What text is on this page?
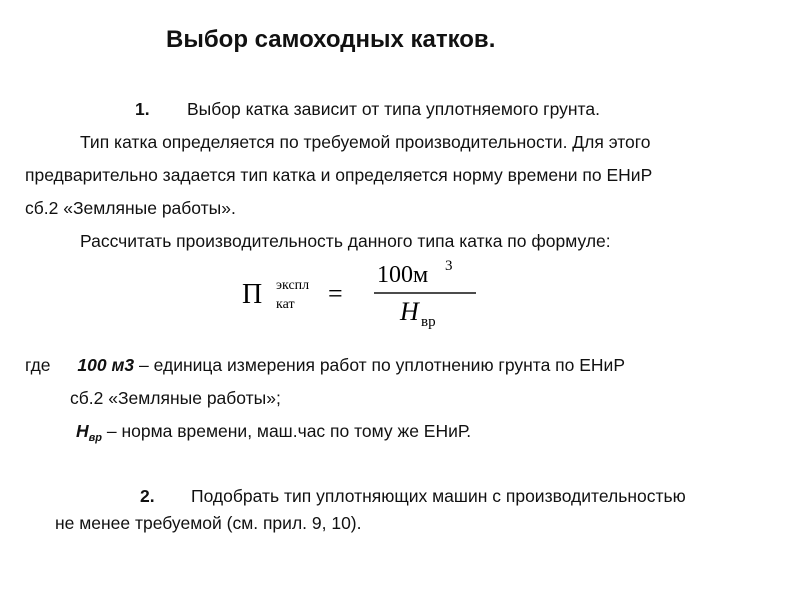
Выбор самоходных катков.
1. Выбор катка зависит от типа уплотняемого грунта.
Тип катка определяется по требуемой производительности. Для этого
предварительно задается тип катка и определяется норму времени по ЕНиР
сб.2 «Земляные работы».
Рассчитать производительность данного типа катка по формуле:
П экспл
кат =
100м 3
H вр
где 100 м3 – единица измерения работ по уплотнению грунта по ЕНиР
сб.2 «Земляные работы»;
$Н_{вр}$ – норма времени, маш.час по тому же ЕНиР.
2. Подобрать тип уплотняющих машин с производительностью
не менее требуемой (см. прил. 9, 10).
